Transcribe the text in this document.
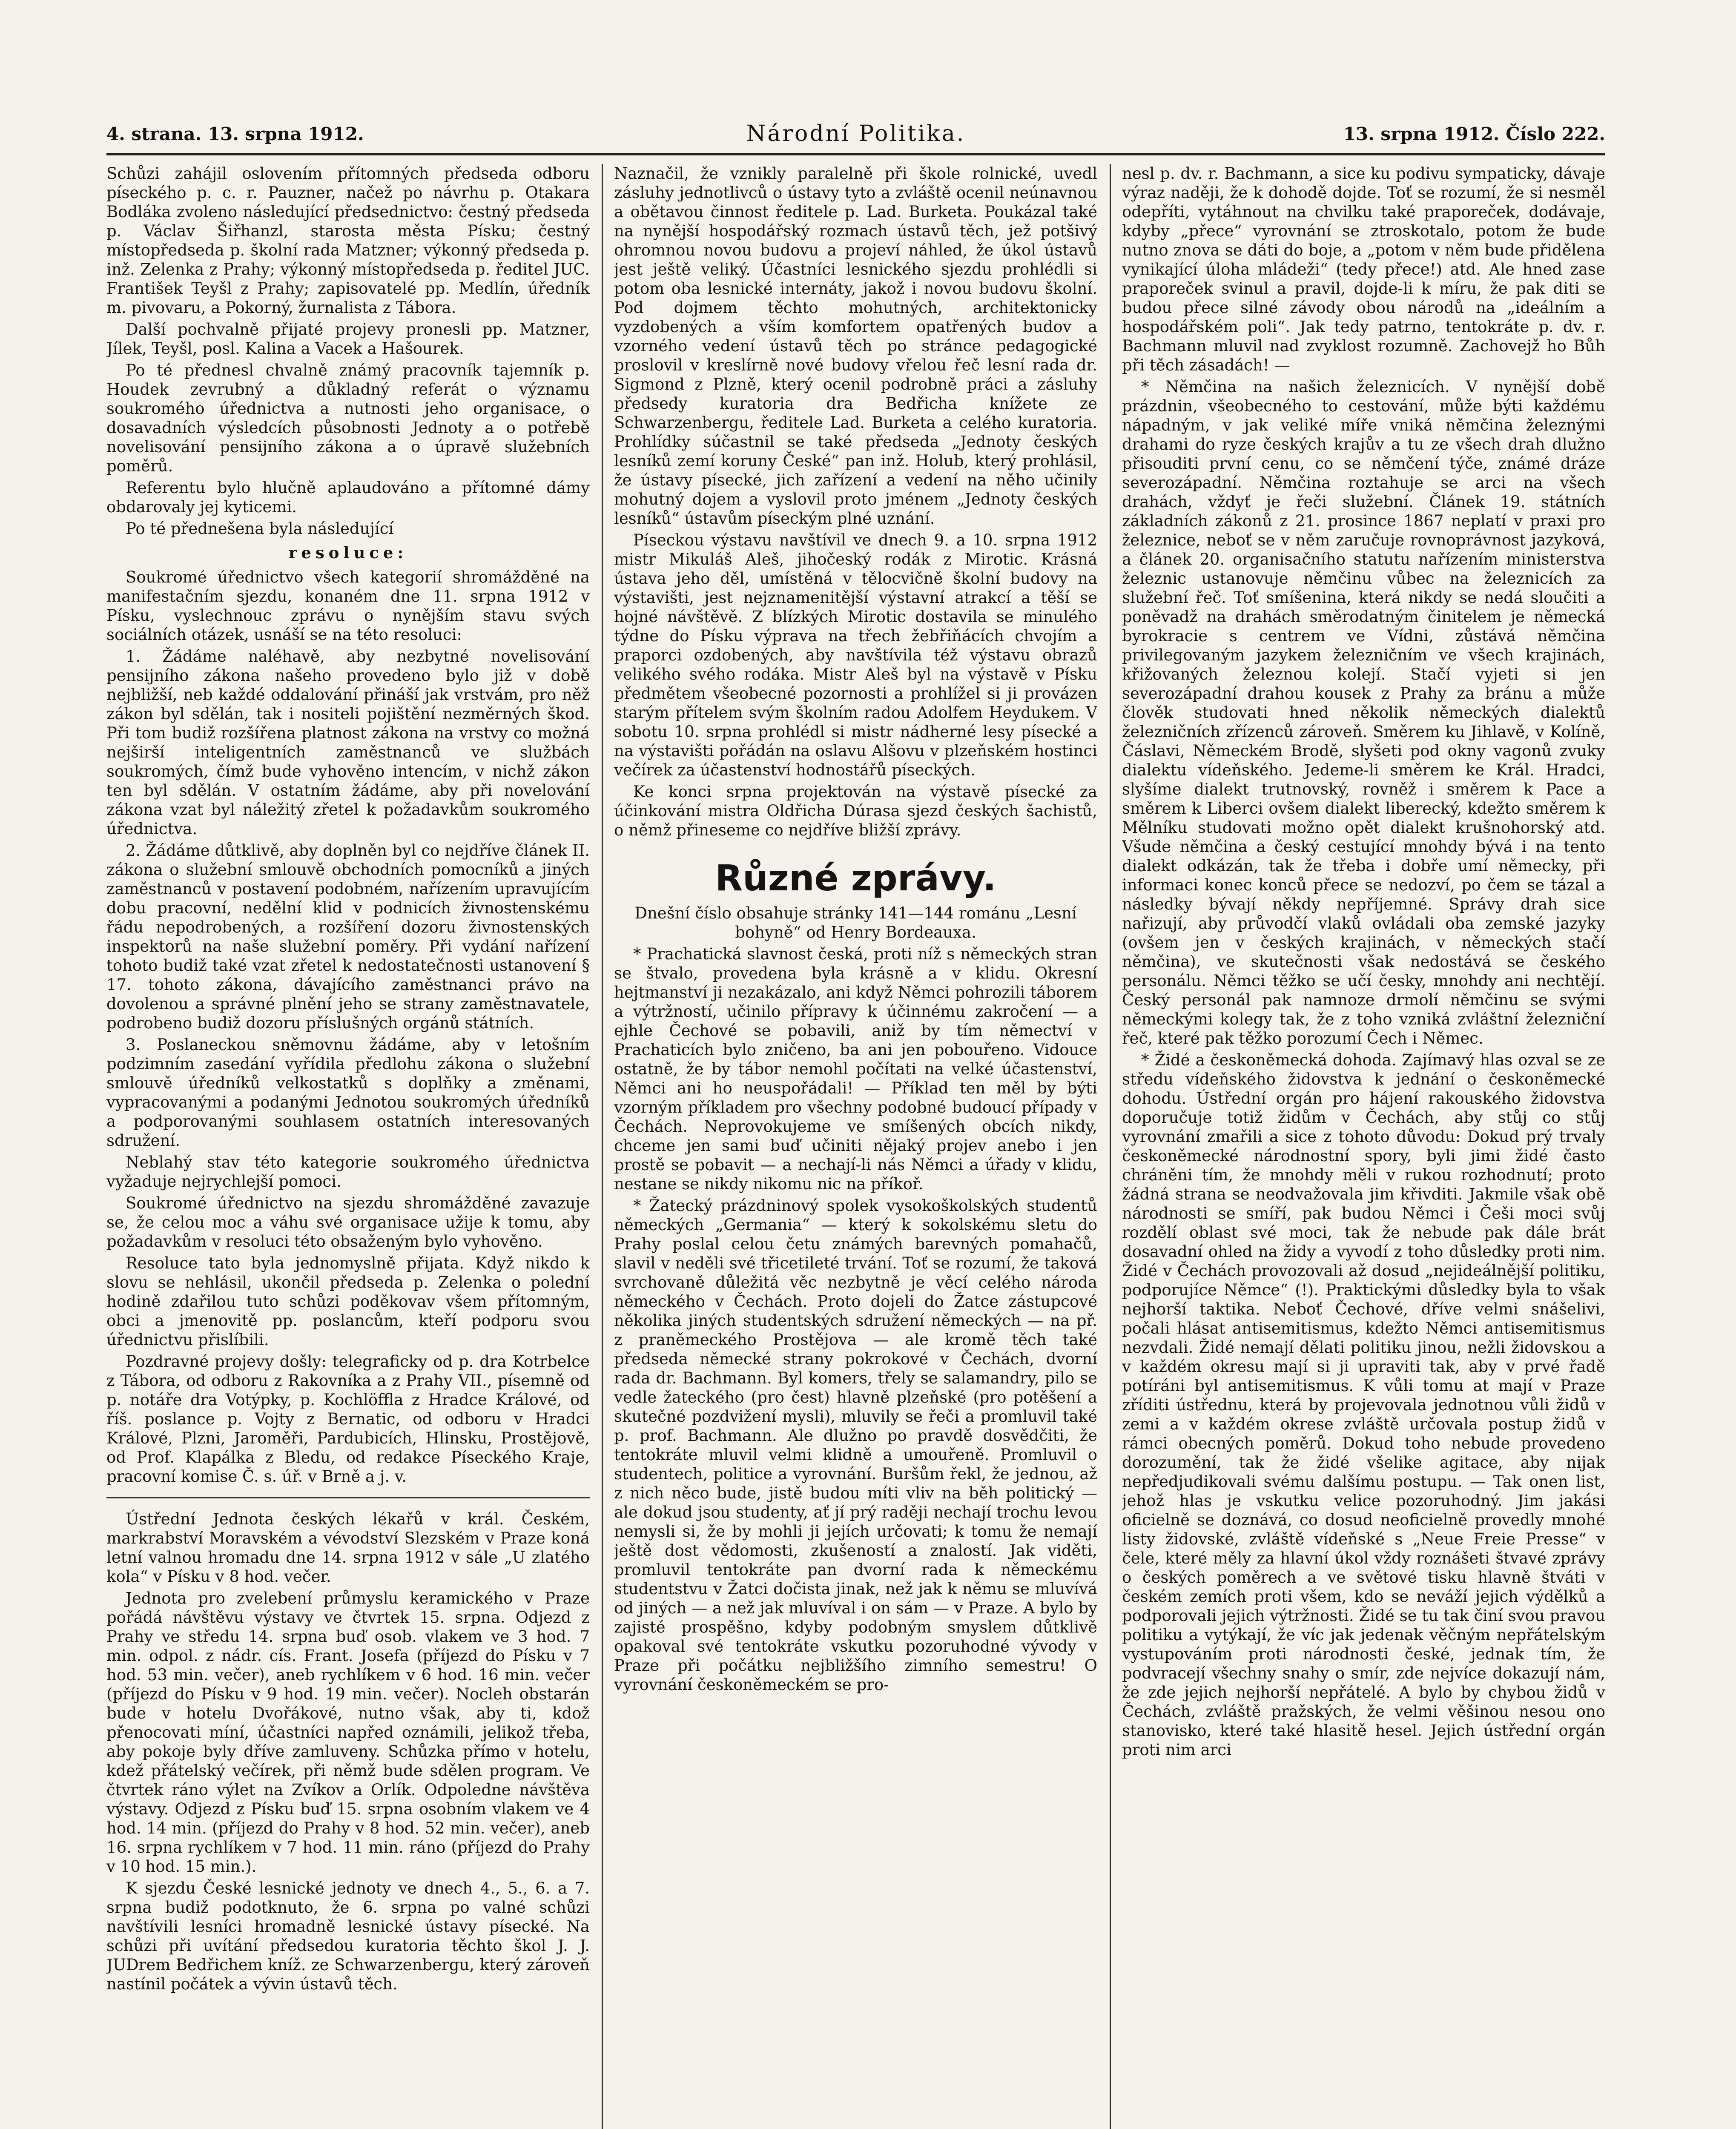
4. strana. 13. srpna 1912.	Národní Politika.	13. srpna 1912. Číslo 222.

Schůzi zahájil oslovením přítomných předseda odboru píseckého p. c. r. Pauzner, načež po návrhu p. Otakara Bodláka zvoleno následující předsednictvo: čestný předseda p. Václav Šiřhanzl, starosta města Písku; čestný místopředseda p. školní rada Matzner; výkonný předseda p. inž. Zelenka z Prahy; výkonný místopředseda p. ředitel JUC. František Teyšl z Prahy; zapisovatelé pp. Medlín, úředník m. pivovaru, a Pokorný, žurnalista z Tábora.

Další pochvalně přijaté projevy pronesli pp. Matzner, Jílek, Teyšl, posl. Kalina a Vacek a Hašourek.

Po té přednesl chvalně známý pracovník tajemník p. Houdek zevrubný a důkladný referát o významu soukromého úřednictva a nutnosti jeho organisace, o dosavadních výsledcích působnosti Jednoty a o potřebě novelisování pensijního zákona a o úpravě služebních poměrů.

Referentu bylo hlučně aplaudováno a přítomné dámy obdarovaly jej kyticemi.

Po té přednešena byla následující

resoluce:

Soukromé úřednictvo všech kategorií shromážděné na manifestačním sjezdu, konaném dne 11. srpna 1912 v Písku, vyslechnouc zprávu o nynějším stavu svých sociálních otázek, usnáší se na této resoluci:

1. Žádáme naléhavě, aby nezbytné novelisování pensijního zákona našeho provedeno bylo již v době nejbližší, neb každé oddalování přináší jak vrstvám, pro něž zákon byl sdělán, tak i nositeli pojištění nezměrných škod. Při tom budiž rozšířena platnost zákona na vrstvy co možná nejširší inteligentních zaměstnanců ve službách soukromých, čímž bude vyhověno intencím, v nichž zákon ten byl sdělán. V ostatním žádáme, aby při novelování zákona vzat byl náležitý zřetel k požadavkům soukromého úřednictva.

2. Žádáme důtklivě, aby doplněn byl co nejdříve článek II. zákona o služební smlouvě obchodních pomocníků a jiných zaměstnanců v postavení podobném, nařízením upravujícím dobu pracovní, nedělní klid v podnicích živnostenskému řádu nepodrobených, a rozšíření dozoru živnostenských inspektorů na naše služební poměry. Při vydání nařízení tohoto budiž také vzat zřetel k nedostatečnosti ustanovení § 17. tohoto zákona, dávajícího zaměstnanci právo na dovolenou a správné plnění jeho se strany zaměstnavatele, podrobeno budiž dozoru příslušných orgánů státních.

3. Poslaneckou sněmovnu žádáme, aby v letošním podzimním zasedání vyřídila předlohu zákona o služební smlouvě úředníků velkostatků s doplňky a změnami, vypracovanými a podanými Jednotou soukromých úředníků a podporovanými souhlasem ostatních interesovaných sdružení.

Neblahý stav této kategorie soukromého úřednictva vyžaduje nejrychlejší pomoci.

Soukromé úřednictvo na sjezdu shromážděné zavazuje se, že celou moc a váhu své organisace užije k tomu, aby požadavkům v resoluci této obsaženým bylo vyhověno.

Resoluce tato byla jednomyslně přijata. Když nikdo k slovu se nehlásil, ukončil předseda p. Zelenka o polední hodině zdařilou tuto schůzi poděkovav všem přítomným, obci a jmenovitě pp. poslancům, kteří podporu svou úřednictvu přislíbili.

Pozdravné projevy došly: telegraficky od p. dra Kotrbelce z Tábora, od odboru z Rakovníka a z Prahy VII., písemně od p. notáře dra Votýpky, p. Kochlöffla z Hradce Králové, od říš. poslance p. Vojty z Bernatic, od odboru v Hradci Králové, Plzni, Jaroměři, Pardubicích, Hlinsku, Prostějově, od Prof. Klapálka z Bledu, od redakce Píseckého Kraje, pracovní komise Č. s. úř. v Brně a j. v.

Ústřední Jednota českých lékařů v král. Českém, markrabství Moravském a vévodství Slezském v Praze koná letní valnou hromadu dne 14. srpna 1912 v sále „U zlatého kola“ v Písku v 8 hod. večer.

Jednota pro zvelebení průmyslu keramického v Praze pořádá návštěvu výstavy ve čtvrtek 15. srpna. Odjezd z Prahy ve středu 14. srpna buď osob. vlakem ve 3 hod. 7 min. odpol. z nádr. cís. Frant. Josefa (příjezd do Písku v 7 hod. 53 min. večer), aneb rychlíkem v 6 hod. 16 min. večer (příjezd do Písku v 9 hod. 19 min. večer). Nocleh obstarán bude v hotelu Dvořákové, nutno však, aby ti, kdož přenocovati míní, účastníci napřed oznámili, jelikož třeba, aby pokoje byly dříve zamluveny. Schůzka přímo v hotelu, kdež přátelský večírek, při němž bude sdělen program. Ve čtvrtek ráno výlet na Zvíkov a Orlík. Odpoledne návštěva výstavy. Odjezd z Písku buď 15. srpna osobním vlakem ve 4 hod. 14 min. (příjezd do Prahy v 8 hod. 52 min. večer), aneb 16. srpna rychlíkem v 7 hod. 11 min. ráno (příjezd do Prahy v 10 hod. 15 min.).

K sjezdu České lesnické jednoty ve dnech 4., 5., 6. a 7. srpna budiž podotknuto, že 6. srpna po valné schůzi navštívili lesníci hromadně lesnické ústavy písecké. Na schůzi při uvítání předsedou kuratoria těchto škol J. J. JUDrem Bedřichem kníž. ze Schwarzenbergu, který zároveň nastínil počátek a vývin ústavů těch.

Naznačil, že vznikly paralelně při škole rolnické, uvedl zásluhy jednotlivců o ústavy tyto a zvláště ocenil neúnavnou a obětavou činnost ředitele p. Lad. Burketa. Poukázal také na nynější hospodářský rozmach ústavů těch, jež potšivý ohromnou novou budovu a projeví náhled, že úkol ústavů jest ještě veliký. Účastníci lesnického sjezdu prohlédli si potom oba lesnické internáty, jakož i novou budovu školní. Pod dojmem těchto mohutných, architektonicky vyzdobených a vším komfortem opatřených budov a vzorného vedení ústavů těch po stránce pedagogické proslovil v kreslírně nové budovy vřelou řeč lesní rada dr. Sigmond z Plzně, který ocenil podrobně práci a zásluhy předsedy kuratoria dra Bedřicha knížete ze Schwarzenbergu, ředitele Lad. Burketa a celého kuratoria. Prohlídky súčastnil se také předseda „Jednoty českých lesníků zemí koruny České“ pan inž. Holub, který prohlásil, že ústavy písecké, jich zařízení a vedení na něho učinily mohutný dojem a vyslovil proto jménem „Jednoty českých lesníků“ ústavům píseckým plné uznání.

Píseckou výstavu navštívil ve dnech 9. a 10. srpna 1912 mistr Mikuláš Aleš, jihočeský rodák z Mirotic. Krásná ústava jeho děl, umístěná v tělocvičně školní budovy na výstavišti, jest nejznamenitější výstavní atrakcí a těší se hojné návštěvě. Z blízkých Mirotic dostavila se minulého týdne do Písku výprava na třech žebřiňácích chvojím a praporci ozdobených, aby navštívila též výstavu obrazů velikého svého rodáka. Mistr Aleš byl na výstavě v Písku předmětem všeobecné pozornosti a prohlížel si ji provázen starým přítelem svým školním radou Adolfem Heydukem. V sobotu 10. srpna prohlédl si mistr nádherné lesy písecké a na výstavišti pořádán na oslavu Alšovu v plzeňském hostinci večírek za účastenství hodnostářů píseckých.

Ke konci srpna projektován na výstavě písecké za účinkování mistra Oldřicha Dúrasa sjezd českých šachistů, o němž přineseme co nejdříve bližší zprávy.

Různé zprávy.

Dnešní číslo obsahuje stránky 141—144 románu „Lesní bohyně“ od Henry Bordeauxa.

* Prachatická slavnost česká, proti níž s německých stran se štvalo, provedena byla krásně a v klidu. Okresní hejtmanství ji nezakázalo, ani když Němci pohrozili táborem a výtržností, učinilo přípravy k účinnému zakročení — a ejhle Čechové se pobavili, aniž by tím němectví v Prachaticích bylo zničeno, ba ani jen pobouřeno. Vidouce ostatně, že by tábor nemohl počítati na velké účastenství, Němci ani ho neuspořádali! — Příklad ten měl by býti vzorným příkladem pro všechny podobné budoucí případy v Čechách. Neprovokujeme ve smíšených obcích nikdy, chceme jen sami buď učiniti nějaký projev anebo i jen prostě se pobavit — a nechají-li nás Němci a úřady v klidu, nestane se nikdy nikomu nic na příkoř.

* Žatecký prázdninový spolek vysokoškolských studentů německých „Germania“ — který k sokolskému sletu do Prahy poslal celou četu známých barevných pomahačů, slavil v neděli své třicetileté trvání. Toť se rozumí, že taková svrchovaně důležitá věc nezbytně je věcí celého národa německého v Čechách. Proto dojeli do Žatce zástupcové několika jiných studentských sdružení německých — na př. z praněmeckého Prostějova — ale kromě těch také předseda německé strany pokrokové v Čechách, dvorní rada dr. Bachmann. Byl komers, třely se salamandry, pilo se vedle žateckého (pro čest) hlavně plzeňské (pro potěšení a skutečné pozdvižení mysli), mluvily se řeči a promluvil také p. prof. Bachmann. Ale dlužno po pravdě dosvědčiti, že tentokráte mluvil velmi klidně a umouřeně. Promluvil o studentech, politice a vyrovnání. Buršům řekl, že jednou, až z nich něco bude, jistě budou míti vliv na běh politický — ale dokud jsou studenty, ať jí prý raději nechají trochu levou nemysli si, že by mohli ji jejích určovati; k tomu že nemají ještě dost vědomosti, zkušeností a znalostí. Jak viděti, promluvil tentokráte pan dvorní rada k německému studentstvu v Žatci dočista jinak, než jak k němu se mluvívá od jiných — a než jak mluvíval i on sám — v Praze. A bylo by zajisté prospěšno, kdyby podobným smyslem důtklivě opakoval své tentokráte vskutku pozoruhodné vývody v Praze při počátku nejbližšího zimního semestru! O vyrovnání českoněmeckém se pro-

nesl p. dv. r. Bachmann, a sice ku podivu sympaticky, dávaje výraz naději, že k dohodě dojde. Toť se rozumí, že si nesměl odepříti, vytáhnout na chvilku také praporeček, dodávaje, kdyby „přece“ vyrovnání se ztroskotalo, potom že bude nutno znova se dáti do boje, a „potom v něm bude přidělena vynikající úloha mládeži“ (tedy přece!) atd. Ale hned zase praporeček svinul a pravil, dojde-li k míru, že pak diti se budou přece silné závody obou národů na „ideálním a hospodářském poli“. Jak tedy patrno, tentokráte p. dv. r. Bachmann mluvil nad zvyklost rozumně. Zachovejž ho Bůh při těch zásadách! —

* Němčina na našich železnicích. V nynější době prázdnin, všeobecného to cestování, může býti každému nápadným, v jak veliké míře vniká němčina železnými drahami do ryze českých krajův a tu ze všech drah dlužno přisouditi první cenu, co se němčení týče, známé dráze severozápadní. Němčina roztahuje se arci na všech drahách, vždyť je řeči služební. Článek 19. státních základních zákonů z 21. prosince 1867 neplatí v praxi pro železnice, neboť se v něm zaručuje rovnoprávnost jazyková, a článek 20. organisačního statutu nařízením ministerstva železnic ustanovuje němčinu vůbec na železnicích za služební řeč. Toť smíšenina, která nikdy se nedá sloučiti a poněvadž na drahách směrodatným činitelem je německá byrokracie s centrem ve Vídni, zůstává němčina privilegovaným jazykem železničním ve všech krajinách, křižovaných železnou kolejí. Stačí vyjeti si jen severozápadní drahou kousek z Prahy za bránu a může člověk studovati hned několik německých dialektů železničních zřízenců zároveň. Směrem ku Jihlavě, v Kolíně, Čáslavi, Německém Brodě, slyšeti pod okny vagonů zvuky dialektu vídeňského. Jedeme-li směrem ke Král. Hradci, slyšíme dialekt trutnovský, rovněž i směrem k Pace a směrem k Liberci ovšem dialekt liberecký, kdežto směrem k Mělníku studovati možno opět dialekt krušnohorský atd. Všude němčina a český cestující mnohdy bývá i na tento dialekt odkázán, tak že třeba i dobře umí německy, při informaci konec konců přece se nedozví, po čem se tázal a následky bývají někdy nepříjemné. Správy drah sice nařizují, aby průvodčí vlaků ovládali oba zemské jazyky (ovšem jen v českých krajinách, v německých stačí němčina), ve skutečnosti však nedostává se českého personálu. Němci těžko se učí česky, mnohdy ani nechtějí. Český personál pak namnoze drmolí němčinu se svými německými kolegy tak, že z toho vzniká zvláštní železniční řeč, které pak těžko porozumí Čech i Němec.

* Židé a českoněmecká dohoda. Zajímavý hlas ozval se ze středu vídeňského židovstva k jednání o českoněmecké dohodu. Ústřední orgán pro hájení rakouského židovstva doporučuje totiž židům v Čechách, aby stůj co stůj vyrovnání zmařili a sice z tohoto důvodu: Dokud prý trvaly českoněmecké národnostní spory, byli jimi židé často chráněni tím, že mnohdy měli v rukou rozhodnutí; proto žádná strana se neodvažovala jim křivditi. Jakmile však obě národnosti se smíří, pak budou Němci i Češi moci svůj rozdělí oblast své moci, tak že nebude pak dále brát dosavadní ohled na židy a vyvodí z toho důsledky proti nim. Židé v Čechách provozovali až dosud „nejideálnější politiku, podporujíce Němce“ (!). Praktickými důsledky byla to však nejhorší taktika. Neboť Čechové, dříve velmi snášelivi, počali hlásat antisemitismus, kdežto Němci antisemitismus nezvdali. Židé nemají dělati politiku jinou, nežli židovskou a v každém okresu mají si ji upraviti tak, aby v prvé řadě potíráni byl antisemitismus. K vůli tomu at mají v Praze zříditi ústřednu, která by projevovala jednotnou vůli židů v zemi a v každém okrese zvláště určovala postup židů v rámci obecných poměrů. Dokud toho nebude provedeno dorozumění, tak že židé všelike agitace, aby nijak nepředjudikovali svému dalšímu postupu. — Tak onen list, jehož hlas je vskutku velice pozoruhodný. Jim jakási oficielně se doznává, co dosud neoficielně provedly mnohé listy židovské, zvláště vídeňské s „Neue Freie Presse“ v čele, které měly za hlavní úkol vždy roznášeti štvavé zprávy o českých poměrech a ve světové tisku hlavně štváti v českém zemích proti všem, kdo se neváží jejich výdělků a podporovali jejich výtržnosti. Židé se tu tak činí svou pravou politiku a vytýkají, že víc jak jedenak věčným nepřátelským vystupováním proti národnosti české, jednak tím, že podvracejí všechny snahy o smír, zde nejvíce dokazují nám, že zde jejich nejhorší nepřátelé. A bylo by chybou židů v Čechách, zvláště pražských, že velmi věšinou nesou ono stanovisko, které také hlasitě hesel. Jejich ústřední orgán proti nim arci
